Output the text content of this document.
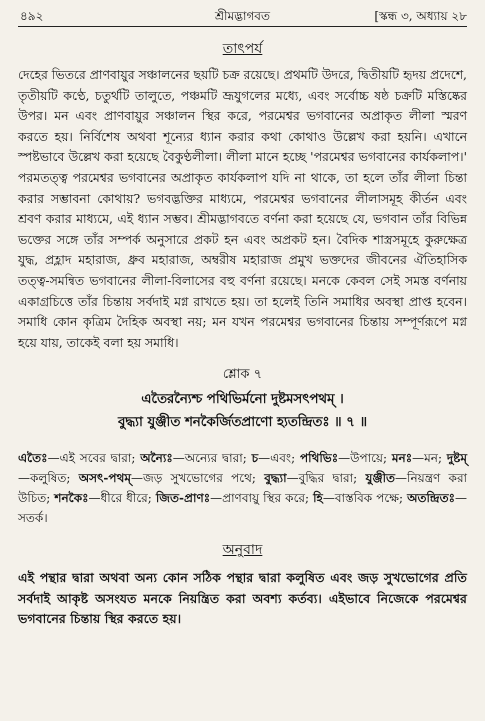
৪৯২	শ্রীমদ্ভাগবত	[স্কন্ধ ৩, অধ্যায় ২৮
তাৎপর্য

দেহের ভিতরে প্রাণবায়ুর সঞ্চালনের ছয়টি চক্র রয়েছে। প্রথমটি উদরে, দ্বিতীয়টি হৃদয় প্রদেশে, তৃতীয়টি কণ্ঠে, চতুর্থটি তালুতে, পঞ্চমটি ভ্রূযুগলের মধ্যে, এবং সর্বোচ্চ ষষ্ঠ চক্রটি মস্তিষ্কের উপর। মন এবং প্রাণবায়ুর সঞ্চালন স্থির করে, পরমেশ্বর ভগবানের অপ্রাকৃত লীলা স্মরণ করতে হয়। নির্বিশেষ অথবা শূন্যের ধ্যান করার কথা কোথাও উল্লেখ করা হয়নি। এখানে স্পষ্টভাবে উল্লেখ করা হয়েছে বৈকুণ্ঠলীলা। লীলা মানে হচ্ছে 'পরমেশ্বর ভগবানের কার্যকলাপ।' পরমতত্ত্ব পরমেশ্বর ভগবানের অপ্রাকৃত কার্যকলাপ যদি না থাকে, তা হলে তাঁর লীলা চিন্তা করার সম্ভাবনা কোথায়? ভগবদ্ভক্তির মাধ্যমে, পরমেশ্বর ভগবানের লীলাসমূহ কীর্তন এবং শ্রবণ করার মাধ্যমে, এই ধ্যান সম্ভব। শ্রীমদ্ভাগবতে বর্ণনা করা হয়েছে যে, ভগবান তাঁর বিভিন্ন ভক্তের সঙ্গে তাঁর সম্পর্ক অনুসারে প্রকট হন এবং অপ্রকট হন। বৈদিক শাস্ত্রসমূহে কুরুক্ষেত্র যুদ্ধ, প্রহ্লাদ মহারাজ, ধ্রুব মহারাজ, অম্বরীষ মহারাজ প্রমুখ ভক্তদের জীবনের ঐতিহাসিক তত্ত্ব-সমন্বিত ভগবানের লীলা-বিলাসের বহু বর্ণনা রয়েছে। মনকে কেবল সেই সমস্ত বর্ণনায় একাগ্রচিত্তে তাঁর চিন্তায় সর্বদাই মগ্ন রাখতে হয়। তা হলেই তিনি সমাধির অবস্থা প্রাপ্ত হবেন। সমাধি কোন কৃত্রিম দৈহিক অবস্থা নয়; মন যখন পরমেশ্বর ভগবানের চিন্তায় সম্পূর্ণরূপে মগ্ন হয়ে যায়, তাকেই বলা হয় সমাধি।

শ্লোক ৭
এতৈরন্যৈশ্চ পথিভির্মনো দুষ্টমসৎপথম্ ।
বুদ্ধ্যা যুঞ্জীত শনকৈর্জিতপ্রাণো হ্যতন্দ্রিতঃ ॥ ৭ ॥
এতৈঃ—এই সবের দ্বারা; অন্যৈঃ—অন্যের দ্বারা; চ—এবং; পথিভিঃ—উপায়ে; মনঃ—মন; দুষ্টম্—কলুষিত; অসৎ-পথম্—জড় সুখভোগের পথে; বুদ্ধ্যা—বুদ্ধির দ্বারা; যুঞ্জীত—নিয়ন্ত্রণ করা উচিত; শনকৈঃ—ধীরে ধীরে; জিত-প্রাণঃ—প্রাণবায়ু স্থির করে; হি—বাস্তবিক পক্ষে; অতন্দ্রিতঃ—সতর্ক।
অনুবাদ
এই পন্থার দ্বারা অথবা অন্য কোন সঠিক পন্থার দ্বারা কলুষিত এবং জড় সুখভোগের প্রতি সর্বদাই আকৃষ্ট অসংযত মনকে নিয়ন্ত্রিত করা অবশ্য কর্তব্য। এইভাবে নিজেকে পরমেশ্বর ভগবানের চিন্তায় স্থির করতে হয়।
